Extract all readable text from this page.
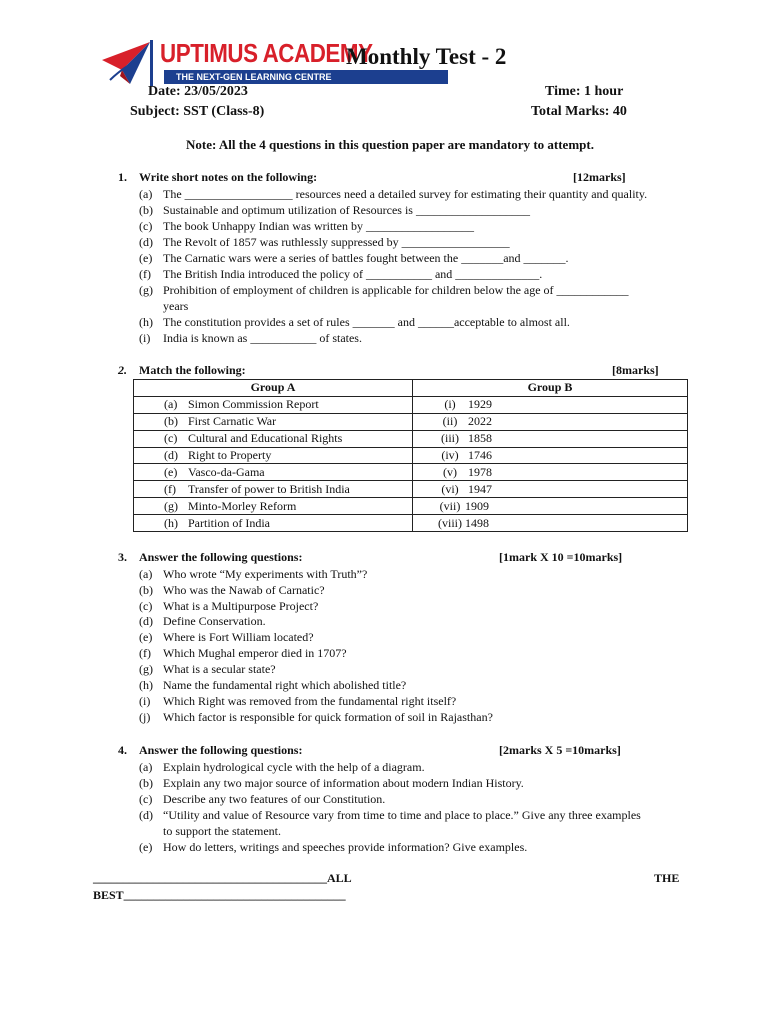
UPTIMUS ACADEMY
THE NEXT-GEN LEARNING CENTRE
Monthly Test - 2
Date: 23/05/2023	Time: 1 hour
Subject: SST (Class-8)	Total Marks: 40
Note: All the 4 questions in this question paper are mandatory to attempt.
1. Write short notes on the following:	[12marks]
(a) The __________________ resources need a detailed survey for estimating their quantity and quality.
(b) Sustainable and optimum utilization of Resources is ___________________
(c) The book Unhappy Indian was written by __________________
(d) The Revolt of 1857 was ruthlessly suppressed by __________________
(e) The Carnatic wars were a series of battles fought between the _______and _______.
(f) The British India introduced the policy of ___________ and ______________.
(g) Prohibition of employment of children is applicable for children below the age of ____________
years
(h) The constitution provides a set of rules _______ and ______acceptable to almost all.
(i) India is known as ___________ of states.
2. Match the following:	[8marks]
Group A	Group B
(a) Simon Commission Report	(i) 1929
(b) First Carnatic War	(ii) 2022
(c) Cultural and Educational Rights	(iii) 1858
(d) Right to Property	(iv) 1746
(e) Vasco-da-Gama	(v) 1978
(f) Transfer of power to British India	(vi) 1947
(g) Minto-Morley Reform	(vii) 1909
(h) Partition of India	(viii) 1498
3. Answer the following questions:	[1mark X 10 =10marks]
(a) Who wrote “My experiments with Truth”?
(b) Who was the Nawab of Carnatic?
(c) What is a Multipurpose Project?
(d) Define Conservation.
(e) Where is Fort William located?
(f) Which Mughal emperor died in 1707?
(g) What is a secular state?
(h) Name the fundamental right which abolished title?
(i) Which Right was removed from the fundamental right itself?
(j) Which factor is responsible for quick formation of soil in Rajasthan?
4. Answer the following questions:	[2marks X 5 =10marks]
(a) Explain hydrological cycle with the help of a diagram.
(b) Explain any two major source of information about modern Indian History.
(c) Describe any two features of our Constitution.
(d) “Utility and value of Resource vary from time to time and place to place.” Give any three examples
to support the statement.
(e) How do letters, writings and speeches provide information? Give examples.
_______________________________________ALL	THE
BEST_____________________________________
